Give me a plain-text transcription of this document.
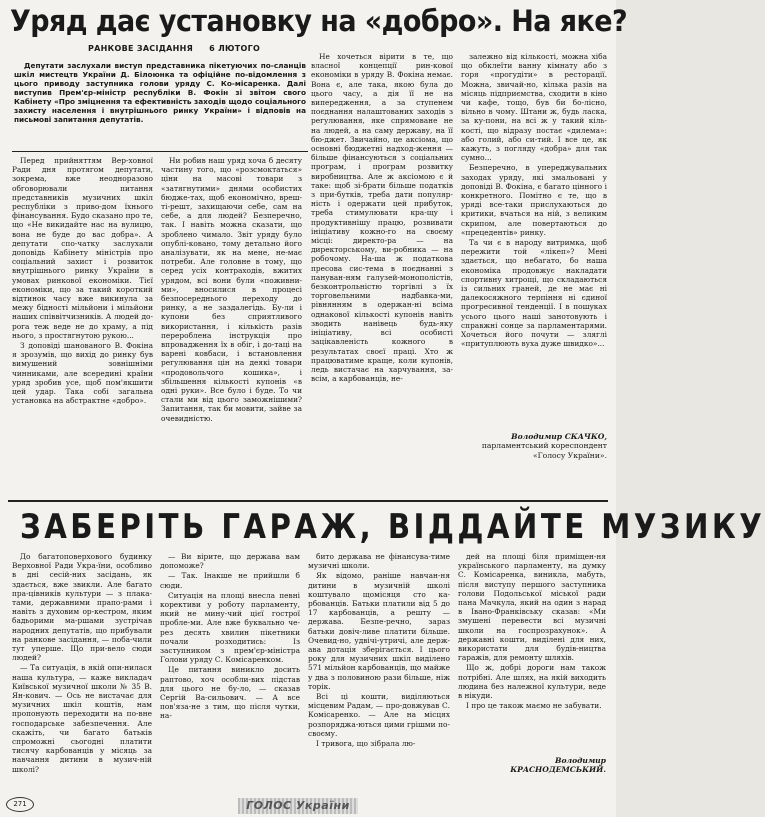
Уряд дає установку на «добро». На яке?
РАНКОВЕ ЗАСІДАННЯ 6 ЛЮТОГО

Депутати заслухали виступ представника пікетуючих по-сланців шкіл мистецтв України Д. Білоюнка та офіційне по-відомлення з цього приводу заступника голови уряду С. Ко-місаренка. Далі виступив Прем'єр-міністр республіки В. Фокін зі звітом свого Кабінету «Про зміцнення та ефективність заходів щодо соціального захисту населення і внутрішнього ринку України» і відповів на письмові запитання депутатів.

Перед прийняттям Вер-ховної Ради дня протягом депутати, зокрема, вже неодноразово обговорювали питання представників музичних шкіл республіки з приво-дом їхнього фінансування. Будо сказано про те, що «Не викидайте нас на вулицю, вона не буде до вас добра». А депутати спо-чатку заслухали доповідь Кабінету міністрів про соціальний захист і розвиток внутрішнього ринку України в умовах ринкової економіки. Тієї економіки, що за такий короткий відтинок часу вже викинула за межу бідності мільйони і мільйони наших співвітчизників. А людей до-рога теж веде не до храму, а під нього, з простягнутою рукою...

З доповіді шанованого В. Фокіна я зрозумів, що вихід до ринку був вимушений зовнішніми чинниками, але всередині країни уряд зробив усе, щоб пом'якшити цей удар. Така собі загальна установка на абстрактне «добро».

Ни робив наш уряд хоча б десяту частину того, що «розсмоктаться» ціни на масові товари з «затягнутими» днями особистих бюдже-тах, щоб економічно, вреш-ті-решт, захищаючи себе, сам на себе, а для людей? Безперечно, так. І навіть можна сказати, що зроблено чимало. Звіт уряду було опублі-ковано, тому детально його аналізувати, як на мене, не-має потреби. Але головне в тому, що серед усіх контраходів, вжитих урядом, всі вони були «поживни-ми», вносилися в процесі безпосереднього переходу до ринку, а не заздалегідь. Бу-ли і купони без сприятливого використання, і кількість разів перероблена інструкція про впровадження їх в обіг, і до-таці на варені ковбаси, і встановлення регулювання цін на деякі товари «продовольчого кошика», і збільшення кількості купонів «в одні руки». Все було і буде. То чи стали ми від цього заможнішими? Запитання, так би мовити, зайве за очевидністю.

Не хочеться вірити в те, що власної концепції рин-кової економіки в уряду В. Фокіна немає. Вона є, але така, якою була до цього часу, а дія її не на випередження, а за ступенем поєднання налаштованих заходів з регулювання, яке спрямоване не на людей, а на саму державу, на її бю-джет. Звичайно, це аксіома, що основні бюджетні надход-ження — більше фінансуються з соціальних програм, і програм розвитку виробництва. Але ж аксіомою є й таке: щоб зі-брати більше податків з при-бутків, треба дати популяр-ність і одержати цей прибуток, треба стимулювати кра-щу і продуктивнішу працю, розвивати ініціативу кожно-го на своєму місці: директо-ра — на директорському, ви-робника — на робочому. На-ша ж податкова пресова сис-тема в поєднанні з пануван-ням галузей-монополістів, безконтрольністю торгівлі з їх торговельними надбавка-ми, рівнянням в одержан-ні всіма однакової кількості купонів навіть зводить нанівець будь-яку ініціативу, всі особисті зацікавленість кожного в результатах своєї праці. Хто ж працюватиме краще, коли купонів, ледь вистачає на харчування, за-всім, а карбованців, не-

залежно від кількості, можна хіба що обклеїти ванну кімнату або з горя «прогудіти» в ресторації. Можна, звичай-но, кілька разів на місяць підприємства, сходити в кіно чи кафе, тощо, був би бо-лісно, вільно в чому. Штани ж, будь ласка, за ку-пони, на всі ж у такий кіль-кості, що відразу постає «дилема»: або голий, або си-тий. І все це, як кажуть, з погляду «добра» для так сумно...

Безперечно, в упереджувальних заходах уряду, які змальовані у доповіді В. Фокіна, є багато цінного і конкретного. Помітно є те, що в уряді все-таки прислухаються до критики, вчаться на ній, з великим скрипом, але повертаються до «прецедентів» ринку.

Та чи є в народу витримка, щоб пережити той «лікеп»? Мені здається, що небагато, бо наша економіка продовжує накладати спортивну хитрощі, що складаються із сильних граней, де не має ні далекосяжного терпіння ні єдиної прогресивної тенденції. І в пошуках усього цього наші занотовують і справжні сонце за парламентарями. Хочеться його почути — зляглі «притуплюють вуха дуже швидко»...

Володимир СКАЧКО,
парламентський кореспондент «Голосу України».
ЗАБЕРІТЬ ГАРАЖ, ВІДДАЙТЕ МУЗИКУ

До багатоповерхового будинку Верховної Ради Укра-їни, особливо в дні сесій-них засідань, як здається, вже звикли. Але багато пра-цівників культури — з плака-тами, державними прапо-рами і навіть з духовим ор-кестром, яким бадьорими ма-ршами зустрічав народних депутатів, що прибували на ранкове засідання, — поба-чили тут уперше. Що при-вело сюди людей?

— Та ситуація, в якій опи-нилася наша культура, — каже викладач Київської музичної школи № 35 В. Ян-кович. — Ось не вистачає для музичних шкіл коштів, нам пропонують переходити на по-вне господарське забезпечення. Але скажіть, чи багато батьків спроможні сьогодні платити тисячу карбованців у місяць за навчання дитини в музич-ній школі?

— Ви вірите, що держава вам допоможе?

— Так. Інакше не прийшли б сюди.

Ситуація на площі внесла певні корективи у роботу парламенту, який не мину-чий цієї гострої пробле-ми. Але вже буквально че-рез десять хвилин пікетники почали розходитись: Із заступником з прем'єр-міністра Голови уряду С. Комісаренком.

Це питання виникло досить раптово, хоч особли-вих підстав для цього не бу-ло, — сказав Сергій Ва-сильович. — А все пов'яза-не з тим, що після чутки, на-

бито держава не фінансува-тиме музичні школи.

Як відомо, раніше навчан-ня дитини в музичній школі коштувало щомісяця сто ка-рбованців. Батьки платили від 5 до 17 карбованців, а решту — держава. Безпе-речно, зараз батьки довіч-ливе платити більше. Очевид-но, удвічі-утричі, але держ-ава дотація зберігається. І цього року для музичних шкіл виділено 571 мільйон карбованців, що майже у два з половиною рази більше, ніж торік.

Всі ці кошти, виділяються місцевим Радам, — про-довжував С. Комісаренко. — Але на місцях розпоряджа-ються цими грішми по-своєму.

І тривога, що зібрала лю-

дей на площі біля приміщен-ня українського парламенту, на думку С. Комісаренка, виникла, мабуть, після виступу першого заступника голови Подольської міської ради пана Мачкула, який на один з нарад в Івано-Франківську сказав: «Ми змушені перевести всі музичні школи на госпрозрахунок». А державні кошти, виділені для них, використати для будів-ництва гаражів, для ремонту шляхів.

Що ж, добрі дороги нам також потрібні. Але шлях, на якій виходить людина без належної культури, веде в нікуди.

І про це також маємо не забувати.

Володимир КРАСНОДЕМСЬКИЙ.
271	ГОЛОС України
